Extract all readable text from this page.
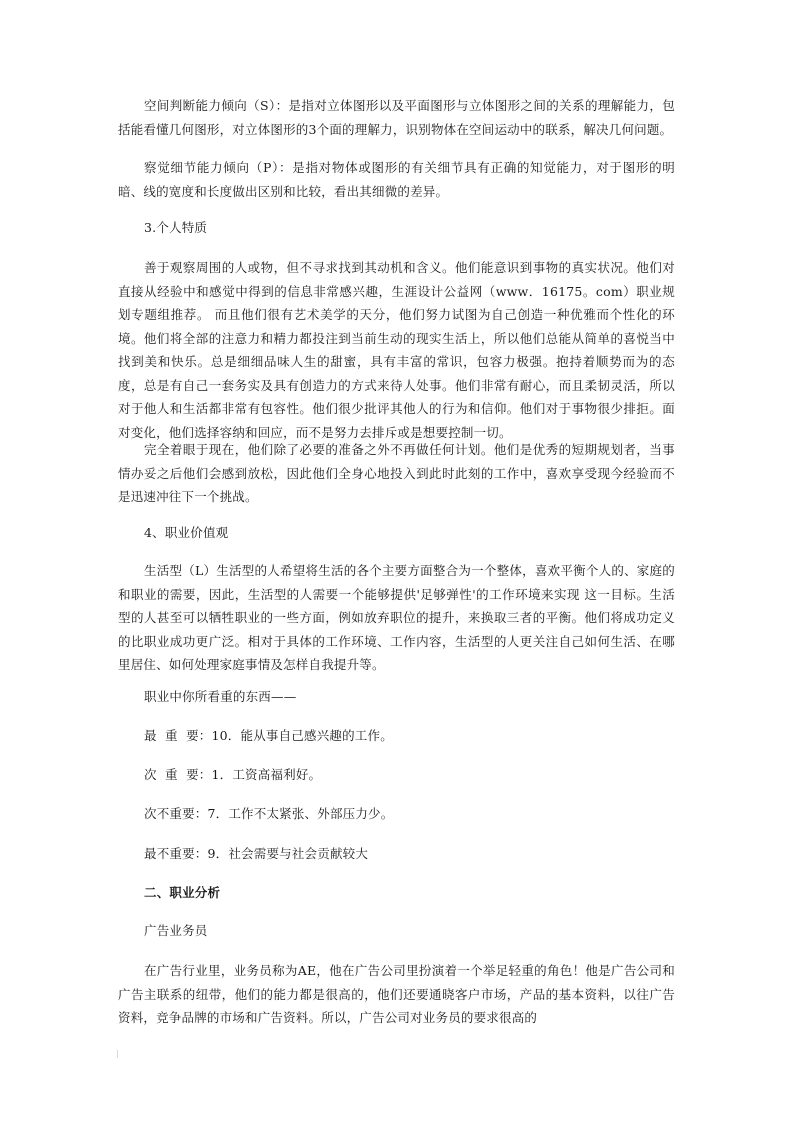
空间判断能力倾向（S）：是指对立体图形以及平面图形与立体图形之间的关系的理解能力，包括能看懂几何图形，对立体图形的3个面的理解力，识别物体在空间运动中的联系，解决几何问题。

察觉细节能力倾向（P）：是指对物体或图形的有关细节具有正确的知觉能力，对于图形的明暗、线的宽度和长度做出区别和比较，看出其细微的差异。

3.个人特质

善于观察周围的人或物，但不寻求找到其动机和含义。他们能意识到事物的真实状况。他们对直接从经验中和感觉中得到的信息非常感兴趣，生涯设计公益网（www．16175。com）职业规划专题组推荐。 而且他们很有艺术美学的天分，他们努力试图为自己创造一种优雅而个性化的环境。他们将全部的注意力和精力都投注到当前生动的现实生活上，所以他们总能从简单的喜悦当中找到美和快乐。总是细细品味人生的甜蜜，具有丰富的常识，包容力极强。抱持着顺势而为的态度，总是有自己一套务实及具有创造力的方式来待人处事。他们非常有耐心，而且柔韧灵活，所以对于他人和生活都非常有包容性。他们很少批评其他人的行为和信仰。他们对于事物很少排拒。面对变化，他们选择容纳和回应，而不是努力去排斥或是想要控制一切。

完全着眼于现在，他们除了必要的准备之外不再做任何计划。他们是优秀的短期规划者，当事情办妥之后他们会感到放松，因此他们全身心地投入到此时此刻的工作中，喜欢享受现今经验而不是迅速冲往下一个挑战。

4、职业价值观

生活型（L）生活型的人希望将生活的各个主要方面整合为一个整体，喜欢平衡个人的、家庭的和职业的需要，因此，生活型的人需要一个能够提供'足够弹性'的工作环境来实现 这一目标。生活型的人甚至可以牺牲职业的一些方面，例如放弃职位的提升，来换取三者的平衡。他们将成功定义的比职业成功更广泛。相对于具体的工作环境、工作内容，生活型的人更关注自己如何生活、在哪里居住、如何处理家庭事情及怎样自我提升等。

职业中你所看重的东西——

最  重  要：10．能从事自己感兴趣的工作。

次  重  要：1．工资高福利好。

次不重要：7．工作不太紧张、外部压力少。

最不重要：9．社会需要与社会贡献较大

二、职业分析

广告业务员

在广告行业里，业务员称为AE，他在广告公司里扮演着一个举足轻重的角色！他是广告公司和广告主联系的纽带，他们的能力都是很高的，他们还要通晓客户市场，产品的基本资料，以往广告资料，竞争品牌的市场和广告资料。所以，广告公司对业务员的要求很高的
